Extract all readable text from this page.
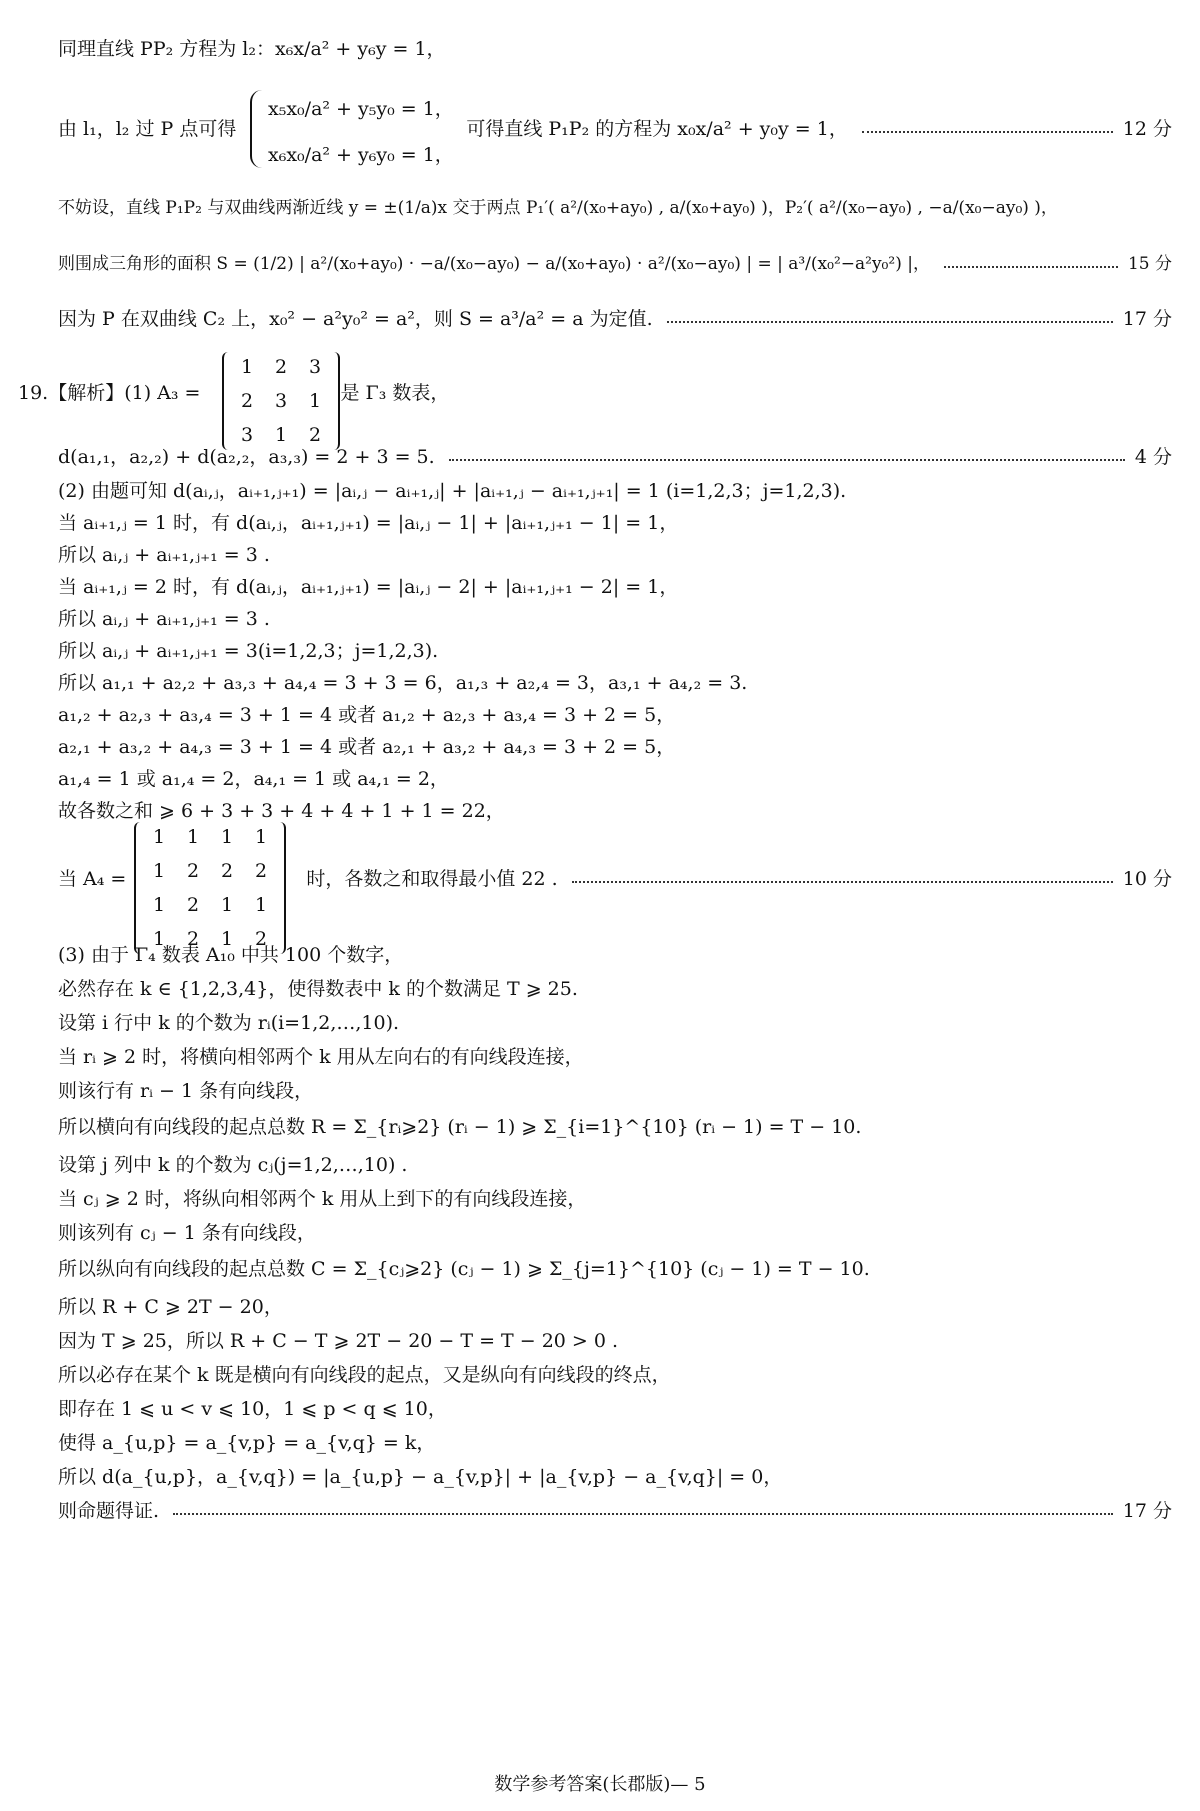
同理直线 PP₂ 方程为 l₂：x₆x/a² + y₆y = 1，
x₅x₀/a² + y₅y₀ = 1，
由 l₁，l₂ 过 P 点可得	可得直线 P₁P₂ 的方程为 x₀x/a² + y₀y = 1，	12 分
x₆x₀/a² + y₆y₀ = 1，
不妨设，直线 P₁P₂ 与双曲线两渐近线 y = ±(1/a)x 交于两点 P₁′( a²/(x₀+ay₀) , a/(x₀+ay₀) )，P₂′( a²/(x₀−ay₀) , −a/(x₀−ay₀) )，
则围成三角形的面积 S = (1/2) | a²/(x₀+ay₀) · −a/(x₀−ay₀) − a/(x₀+ay₀) · a²/(x₀−ay₀) | = | a³/(x₀²−a²y₀²) |，	15 分
因为 P 在双曲线 C₂ 上，x₀² − a²y₀² = a²，则 S = a³/a² = a 为定值.	17 分
19.【解析】(1) A₃ =	是 Γ₃ 数表，
1	2	3
2	3	1
3	1	2
d(a₁,₁，a₂,₂) + d(a₂,₂，a₃,₃) = 2 + 3 = 5.	4 分
(2) 由题可知 d(aᵢ,ⱼ，aᵢ₊₁,ⱼ₊₁) = |aᵢ,ⱼ − aᵢ₊₁,ⱼ| + |aᵢ₊₁,ⱼ − aᵢ₊₁,ⱼ₊₁| = 1 (i=1,2,3；j=1,2,3).
当 aᵢ₊₁,ⱼ = 1 时，有 d(aᵢ,ⱼ，aᵢ₊₁,ⱼ₊₁) = |aᵢ,ⱼ − 1| + |aᵢ₊₁,ⱼ₊₁ − 1| = 1，
所以 aᵢ,ⱼ + aᵢ₊₁,ⱼ₊₁ = 3 .
当 aᵢ₊₁,ⱼ = 2 时，有 d(aᵢ,ⱼ，aᵢ₊₁,ⱼ₊₁) = |aᵢ,ⱼ − 2| + |aᵢ₊₁,ⱼ₊₁ − 2| = 1，
所以 aᵢ,ⱼ + aᵢ₊₁,ⱼ₊₁ = 3 .
所以 aᵢ,ⱼ + aᵢ₊₁,ⱼ₊₁ = 3(i=1,2,3；j=1,2,3).
所以 a₁,₁ + a₂,₂ + a₃,₃ + a₄,₄ = 3 + 3 = 6，a₁,₃ + a₂,₄ = 3，a₃,₁ + a₄,₂ = 3.
a₁,₂ + a₂,₃ + a₃,₄ = 3 + 1 = 4 或者 a₁,₂ + a₂,₃ + a₃,₄ = 3 + 2 = 5，
a₂,₁ + a₃,₂ + a₄,₃ = 3 + 1 = 4 或者 a₂,₁ + a₃,₂ + a₄,₃ = 3 + 2 = 5，
a₁,₄ = 1 或 a₁,₄ = 2，a₄,₁ = 1 或 a₄,₁ = 2，
故各数之和 ⩾ 6 + 3 + 3 + 4 + 4 + 1 + 1 = 22，
1	1	1	1
1	2	2	2
1	2	1	1
1	2	1	2
当 A₄ =	时，各数之和取得最小值 22 .	10 分
(3) 由于 Γ₄ 数表 A₁₀ 中共 100 个数字，
必然存在 k ∈ {1,2,3,4}，使得数表中 k 的个数满足 T ⩾ 25.
设第 i 行中 k 的个数为 rᵢ(i=1,2,…,10).
当 rᵢ ⩾ 2 时，将横向相邻两个 k 用从左向右的有向线段连接，
则该行有 rᵢ − 1 条有向线段，
所以横向有向线段的起点总数 R = Σ_{rᵢ⩾2} (rᵢ − 1) ⩾ Σ_{i=1}^{10} (rᵢ − 1) = T − 10.
设第 j 列中 k 的个数为 cⱼ(j=1,2,…,10) .
当 cⱼ ⩾ 2 时，将纵向相邻两个 k 用从上到下的有向线段连接，
则该列有 cⱼ − 1 条有向线段，
所以纵向有向线段的起点总数 C = Σ_{cⱼ⩾2} (cⱼ − 1) ⩾ Σ_{j=1}^{10} (cⱼ − 1) = T − 10.
所以 R + C ⩾ 2T − 20，
因为 T ⩾ 25，所以 R + C − T ⩾ 2T − 20 − T = T − 20 > 0 .
所以必存在某个 k 既是横向有向线段的起点，又是纵向有向线段的终点，
即存在 1 ⩽ u < v ⩽ 10，1 ⩽ p < q ⩽ 10，
使得 a_{u,p} = a_{v,p} = a_{v,q} = k，
所以 d(a_{u,p}，a_{v,q}) = |a_{u,p} − a_{v,p}| + |a_{v,p} − a_{v,q}| = 0，
则命题得证.	17 分
数学参考答案(长郡版)— 5
